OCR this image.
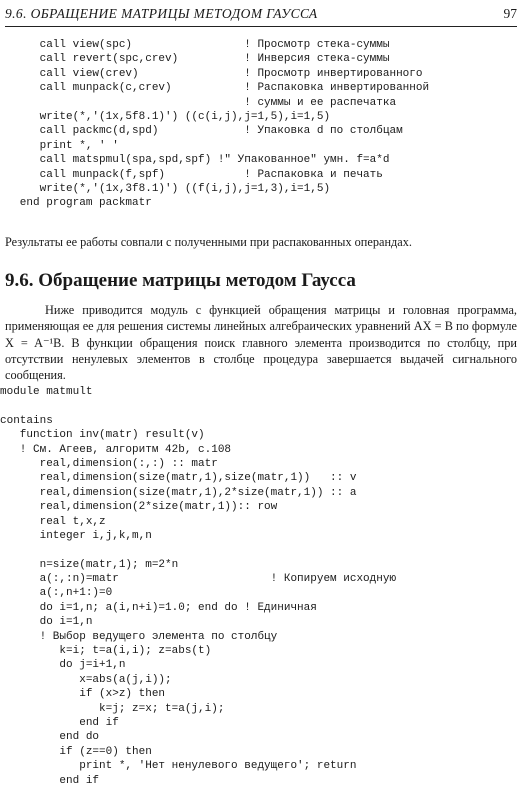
9.6. ОБРАЩЕНИЕ МАТРИЦЫ МЕТОДОМ ГАУССА	97
call view(spc)                 ! Просмотр стека-суммы
call revert(spc,crev)          ! Инверсия стека-суммы
call view(crev)                ! Просмотр инвертированного
call munpack(c,crev)           ! Распаковка инвертированной
! суммы и ее распечатка
write(*,'(1x,5f8.1)') ((c(i,j),j=1,5),i=1,5)
call packmc(d,spd)             ! Упаковка d по столбцам
print *, ' '
call matspmul(spa,spd,spf) !" Упакованное" умн. f=a*d
call munpack(f,spf)            ! Распаковка и печать
write(*,'(1x,3f8.1)') ((f(i,j),j=1,3),i=1,5)
end program packmatr

Результаты ее работы совпали с полученными при распакованных операндах.

9.6. Обращение матрицы методом Гаусса

Ниже приводится модуль с функцией обращения матрицы и головная программа, применяющая ее для решения системы линейных алгебраических уравнений AX = B по формуле X = A⁻¹B. В функции обращения поиск главного элемента производится по столбцу, при отсутствии ненулевых элементов в столбце процедура завершается выдачей сигнального сообщения.

module matmult
contains
function inv(matr) result(v)
! См. Агеев, алгоритм 42b, с.108
real,dimension(:,:) :: matr
real,dimension(size(matr,1),size(matr,1))   :: v
real,dimension(size(matr,1),2*size(matr,1)) :: a
real,dimension(2*size(matr,1)):: row
real t,x,z
integer i,j,k,m,n
n=size(matr,1); m=2*n
a(:,:n)=matr                       ! Копируем исходную
a(:,n+1:)=0
do i=1,n; a(i,n+i)=1.0; end do ! Единичная
do i=1,n
! Выбор ведущего элемента по столбцу
k=i; t=a(i,i); z=abs(t)
do j=i+1,n
x=abs(a(j,i));
if (x>z) then
k=j; z=x; t=a(j,i);
end if
end do
if (z==0) then
print *, 'Нет ненулевого ведущего'; return
end if
